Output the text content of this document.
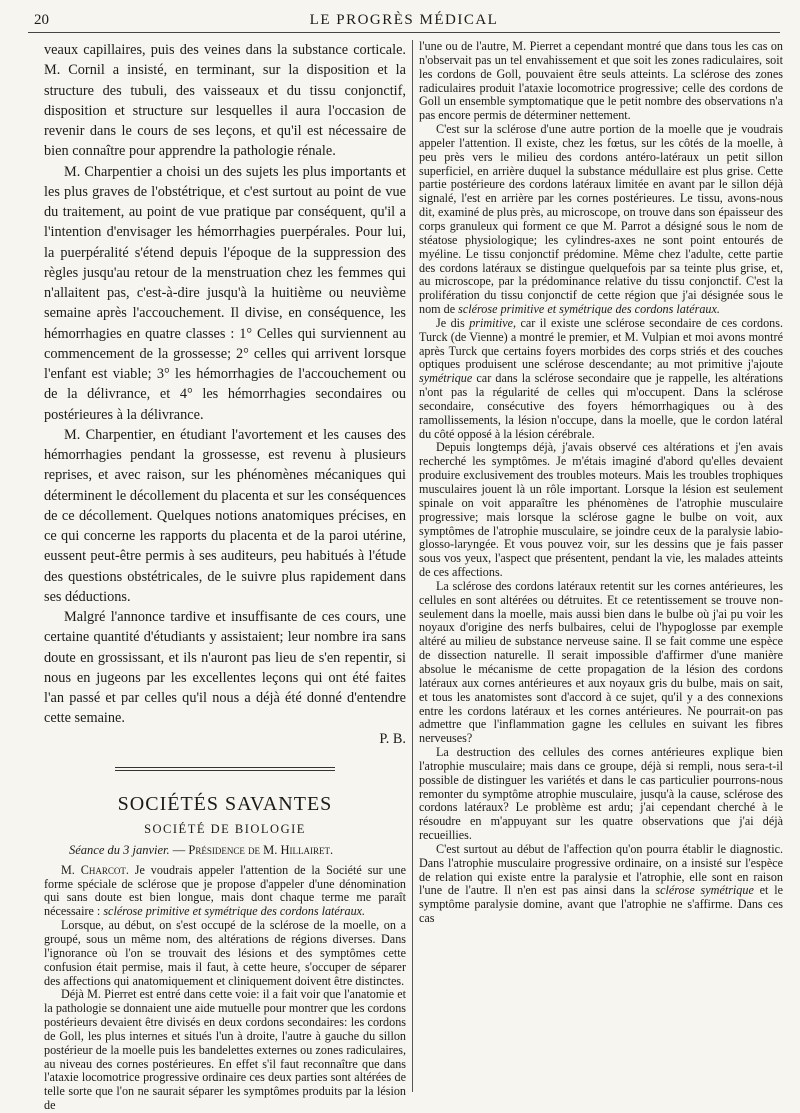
20	LE PROGRÈS MÉDICAL

veaux capillaires, puis des veines dans la substance corticale. M. Cornil a insisté, en terminant, sur la disposition et la structure des tubuli, des vaisseaux et du tissu conjonctif, disposition et structure sur lesquelles il aura l'occasion de revenir dans le cours de ses leçons, et qu'il est nécessaire de bien connaître pour apprendre la pathologie rénale.

M. Charpentier a choisi un des sujets les plus importants et les plus graves de l'obstétrique, et c'est surtout au point de vue du traitement, au point de vue pratique par conséquent, qu'il a l'intention d'envisager les hémorrhagies puerpérales. Pour lui, la puerpéralité s'étend depuis l'époque de la suppression des règles jusqu'au retour de la menstruation chez les femmes qui n'allaitent pas, c'est-à-dire jusqu'à la huitième ou neuvième semaine après l'accouchement. Il divise, en conséquence, les hémorrhagies en quatre classes : 1° Celles qui surviennent au commencement de la grossesse; 2° celles qui arrivent lorsque l'enfant est viable; 3° les hémorrhagies de l'accouchement ou de la délivrance, et 4° les hémorrhagies secondaires ou postérieures à la délivrance.

M. Charpentier, en étudiant l'avortement et les causes des hémorrhagies pendant la grossesse, est revenu à plusieurs reprises, et avec raison, sur les phénomènes mécaniques qui déterminent le décollement du placenta et sur les conséquences de ce décollement. Quelques notions anatomiques précises, en ce qui concerne les rapports du placenta et de la paroi utérine, eussent peut-être permis à ses auditeurs, peu habitués à l'étude des questions obstétricales, de le suivre plus rapidement dans ses déductions.

Malgré l'annonce tardive et insuffisante de ces cours, une certaine quantité d'étudiants y assistaient; leur nombre ira sans doute en grossissant, et ils n'auront pas lieu de s'en repentir, si nous en jugeons par les excellentes leçons qui ont été faites l'an passé et par celles qu'il nous a déjà été donné d'entendre cette semaine.
P. B.

SOCIÉTÉS SAVANTES
SOCIÉTÉ DE BIOLOGIE
Séance du 3 janvier. — Présidence de M. Hillairet.

M. Charcot. Je voudrais appeler l'attention de la Société sur une forme spéciale de sclérose que je propose d'appeler d'une dénomination qui sans doute est bien longue, mais dont chaque terme me paraît nécessaire : sclérose primitive et symétrique des cordons latéraux.

Lorsque, au début, on s'est occupé de la sclérose de la moelle, on a groupé, sous un même nom, des altérations de régions diverses. Dans l'ignorance où l'on se trouvait des lésions et des symptômes cette confusion était permise, mais il faut, à cette heure, s'occuper de séparer des affections qui anatomiquement et cliniquement doivent être distinctes.

Déjà M. Pierret est entré dans cette voie: il a fait voir que l'anatomie et la pathologie se donnaient une aide mutuelle pour montrer que les cordons postérieurs devaient être divisés en deux cordons secondaires: les cordons de Goll, les plus internes et situés l'un à droite, l'autre à gauche du sillon postérieur de la moelle puis les bandelettes externes ou zones radiculaires, au niveau des cornes postérieures. En effet s'il faut reconnaître que dans l'ataxie locomotrice progressive ordinaire ces deux parties sont altérées de telle sorte que l'on ne saurait séparer les symptômes produits par la lésion de

l'une ou de l'autre, M. Pierret a cependant montré que dans tous les cas on n'observait pas un tel envahissement et que soit les zones radiculaires, soit les cordons de Goll, pouvaient être seuls atteints. La sclérose des zones radiculaires produit l'ataxie locomotrice progressive; celle des cordons de Goll un ensemble symptomatique que le petit nombre des observations n'a pas encore permis de déterminer nettement.

C'est sur la sclérose d'une autre portion de la moelle que je voudrais appeler l'attention. Il existe, chez les fœtus, sur les côtés de la moelle, à peu près vers le milieu des cordons antéro-latéraux un petit sillon superficiel, en arrière duquel la substance médullaire est plus grise. Cette partie postérieure des cordons latéraux limitée en avant par le sillon déjà signalé, l'est en arrière par les cornes postérieures. Le tissu, avons-nous dit, examiné de plus près, au microscope, on trouve dans son épaisseur des corps granuleux qui forment ce que M. Parrot a désigné sous le nom de stéatose physiologique; les cylindres-axes ne sont point entourés de myéline. Le tissu conjonctif prédomine. Même chez l'adulte, cette partie des cordons latéraux se distingue quelquefois par sa teinte plus grise, et, au microscope, par la prédominance relative du tissu conjonctif. C'est la prolifération du tissu conjonctif de cette région que j'ai désignée sous le nom de sclérose primitive et symétrique des cordons latéraux.

Je dis primitive, car il existe une sclérose secondaire de ces cordons. Turck (de Vienne) a montré le premier, et M. Vulpian et moi avons montré après Turck que certains foyers morbides des corps striés et des couches optiques produisent une sclérose descendante; au mot primitive j'ajoute symétrique car dans la sclérose secondaire que je rappelle, les altérations n'ont pas la régularité de celles qui m'occupent. Dans la sclérose secondaire, consécutive des foyers hémorrhagiques ou à des ramollissements, la lésion n'occupe, dans la moelle, que le cordon latéral du côté opposé à la lésion cérébrale.

Depuis longtemps déjà, j'avais observé ces altérations et j'en avais recherché les symptômes. Je m'étais imaginé d'abord qu'elles devaient produire exclusivement des troubles moteurs. Mais les troubles trophiques musculaires jouent là un rôle important. Lorsque la lésion est seulement spinale on voit apparaître les phénomènes de l'atrophie musculaire progressive; mais lorsque la sclérose gagne le bulbe on voit, aux symptômes de l'atrophie musculaire, se joindre ceux de la paralysie labio-glosso-laryngée. Et vous pouvez voir, sur les dessins que je fais passer sous vos yeux, l'aspect que présentent, pendant la vie, les malades atteints de ces affections.

La sclérose des cordons latéraux retentit sur les cornes antérieures, les cellules en sont altérées ou détruites. Et ce retentissement se trouve non-seulement dans la moelle, mais aussi bien dans le bulbe où j'ai pu voir les noyaux d'origine des nerfs bulbaires, celui de l'hypoglosse par exemple altéré au milieu de substance nerveuse saine. Il se fait comme une espèce de dissection naturelle. Il serait impossible d'affirmer d'une manière absolue le mécanisme de cette propagation de la lésion des cordons latéraux aux cornes antérieures et aux noyaux gris du bulbe, mais on sait, et tous les anatomistes sont d'accord à ce sujet, qu'il y a des connexions entre les cordons latéraux et les cornes antérieures. Ne pourrait-on pas admettre que l'inflammation gagne les cellules en suivant les fibres nerveuses?

La destruction des cellules des cornes antérieures explique bien l'atrophie musculaire; mais dans ce groupe, déjà si rempli, nous sera-t-il possible de distinguer les variétés et dans le cas particulier pourrons-nous remonter du symptôme atrophie musculaire, jusqu'à la cause, sclérose des cordons latéraux? Le problème est ardu; j'ai cependant cherché à le résoudre en m'appuyant sur les quatre observations que j'ai déjà recueillies.

C'est surtout au début de l'affection qu'on pourra établir le diagnostic. Dans l'atrophie musculaire progressive ordinaire, on a insisté sur l'espèce de relation qui existe entre la paralysie et l'atrophie, elle sont en raison l'une de l'autre. Il n'en est pas ainsi dans la sclérose symétrique et le symptôme paralysie domine, avant que l'atrophie ne s'affirme. Dans ces cas
